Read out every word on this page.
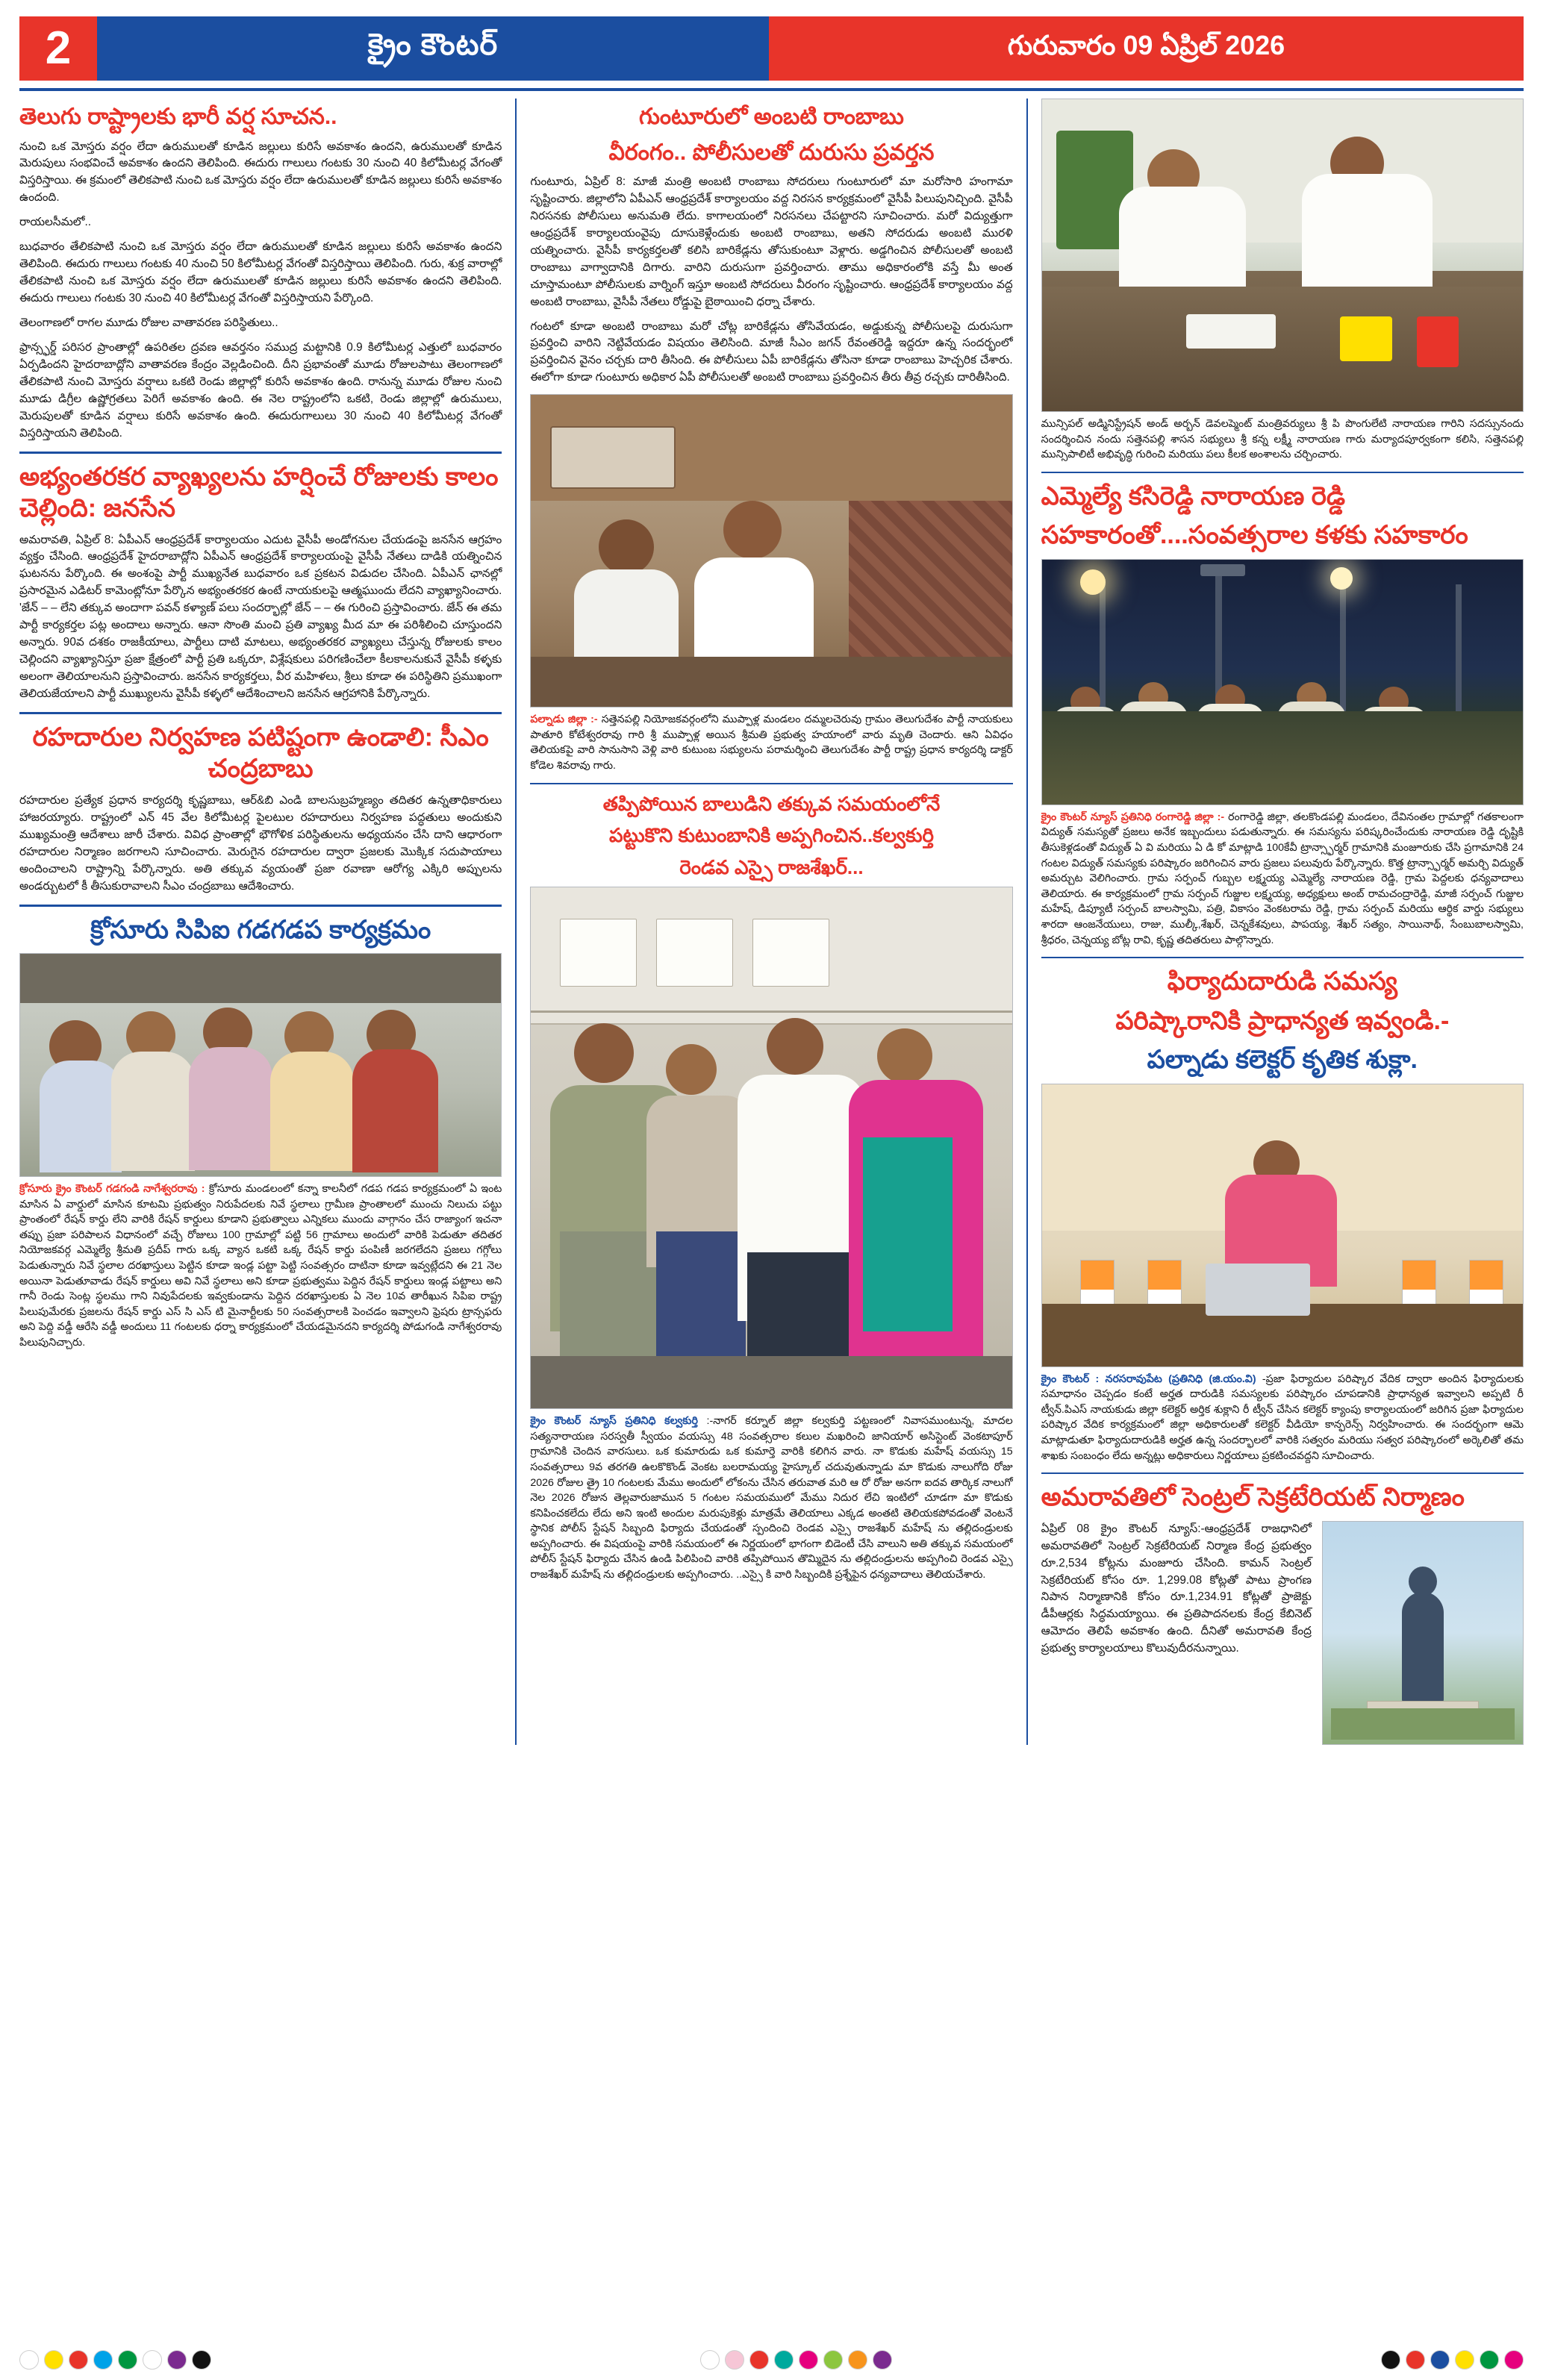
2	క్రైం కౌంటర్	గురువారం 09 ఏప్రిల్ 2026
తెలుగు రాష్ట్రాలకు భారీ వర్ష సూచన..

నుంచి ఒక మోస్తరు వర్షం లేదా ఉరుములతో కూడిన జల్లులు కురిసే అవకాశం ఉందని, ఉరుములతో కూడిన మెరుపులు సంభవించే అవకాశం ఉందని తెలిపింది. ఈదురు గాలులు గంటకు 30 నుంచి 40 కిలోమీటర్ల వేగంతో విస్తరిస్తాయి. ఈ క్రమంలో తెలికపాటి నుంచి ఒక మోస్తరు వర్షం లేదా ఉరుములతో కూడిన జల్లులు కురిసే అవకాశం ఉందంది.

రాయలసీమలో..

బుధవారం తేలికపాటి నుంచి ఒక మోస్తరు వర్షం లేదా ఉరుములతో కూడిన జల్లులు కురిసే అవకాశం ఉందని తెలిపింది. ఈదురు గాలులు గంటకు 40 నుంచి 50 కిలోమీటర్ల వేగంతో విస్తరిస్తాయి తెలిపింది. గురు, శుక్ర వారాల్లో తేలికపాటి నుంచి ఒక మోస్తరు వర్షం లేదా ఉరుములతో కూడిన జల్లులు కురిసే అవకాశం ఉందని తెలిపింది. ఈదురు గాలులు గంటకు 30 నుంచి 40 కిలోమీటర్ల వేగంతో విస్తరిస్తాయని పేర్కొంది.

తెలంగాణలో రాగల మూడు రోజుల వాతావరణ పరిస్థితులు..

ఫ్రాన్స్ఫర్డ్ పరిసర ప్రాంతాల్లో ఉపరితల ద్రవణ ఆవర్తనం సముద్ర మట్టానికి 0.9 కిలోమీటర్ల ఎత్తులో బుధవారం ఏర్పడిందని హైదరాబాద్లోని వాతావరణ కేంద్రం వెల్లడించింది. దీని ప్రభావంతో మూడు రోజులపాటు తెలంగాణలో తేలికపాటి నుంచి మోస్తరు వర్షాలు ఒకటి రెండు జిల్లాల్లో కురిసే అవకాశం ఉంది. రానున్న మూడు రోజుల నుంచి మూడు డిగ్రీల ఉష్ణోగ్రతలు పెరిగే అవకాశం ఉంది. ఈ నెల రాష్ట్రంలోని ఒకటి, రెండు జిల్లాల్లో ఉరుములు, మెరుపులతో కూడిన వర్షాలు కురిసే అవకాశం ఉంది. ఈదురుగాలులు 30 నుంచి 40 కిలోమీటర్ల వేగంతో విస్తరిస్తాయని తెలిపింది.

అభ్యంతరకర వ్యాఖ్యలను హర్షించే రోజులకు కాలం చెల్లింది: జనసేన

అమరావతి, ఏప్రిల్ 8: ఏపీఎన్ ఆంధ్రప్రదేశ్ కార్యాలయం ఎదుట వైసీపీ అండోగనుల చేయడంపై జనసేన ఆగ్రహం వ్యక్తం చేసింది. ఆంధ్రప్రదేశ్ హైదరాబాద్లోని ఏపీఎన్ ఆంధ్రప్రదేశ్ కార్యాలయంపై వైసీపీ నేతలు దాడికి యత్నించిన ఘటనను పేర్కొంది. ఈ అంశంపై పార్టీ ముఖ్యనేత బుధవారం ఒక ప్రకటన విడుదల చేసింది. ఏపీఎన్ ఛానల్లో ప్రసారమైన ఎడిటర్ కామెంట్లోనూ పేర్కొన అభ్యంతరకర ఉంటే నాయకులపై ఆత్మఘుందు లేదని వ్యాఖ్యానించారు. 'జేన్ – – లేని తక్కువ అందాగా పవన్ కళ్యాణ్ పలు సందర్భాల్లో జేన్ – – ఈ గురించి ప్రస్తావించారు. జేన్ ఈ తమ పార్టీ కార్యకర్తల పట్ల అందాలు అన్నారు. ఆనా సొంతి మంచి ప్రతి వ్యాఖ్య మీద మా ఈ పరిశీలించి చూస్తుందని అన్నారు. 90వ దశకం రాజకీయాలు, పార్టీలు దాటి మాటలు, అభ్యంతరకర వ్యాఖ్యలు చేస్తున్న రోజులకు కాలం చెల్లిందని వ్యాఖ్యానిస్తూ ప్రజా క్షేత్రంలో పార్టీ ప్రతి ఒక్కరూ, విశ్లేషకులు పరిగణించేలా కీలకాలనుకునే వైసీపీ కళ్ళకు అలంగా తెలియాలనుని ప్రస్తావించారు. జనసేన కార్యకర్తలు, వీర మహిళలు, శ్రీలు కూడా ఈ పరిస్థితిని ప్రముఖంగా తెలియజేయాలని పార్టీ ముఖ్యులను వైసీపీ కళ్ళలో ఆదేశించాలని జనసేన ఆగ్రహానికి పేర్కొన్నారు.

రహదారుల నిర్వహణ పటిష్టంగా ఉండాలి: సీఎం చంద్రబాబు

రహదారుల ప్రత్యేక ప్రధాన కార్యదర్శి కృష్ణబాబు, ఆర్&బి ఎండి బాలసుబ్రహ్మణ్యం తదితర ఉన్నతాధికారులు హాజరయ్యారు. రాష్ట్రంలో ఎన్ 45 వేల కిలోమీటర్ల పైలటుల రహదారులు నిర్వహణ పద్ధతులు అందుకుని ముఖ్యమంత్రి ఆదేశాలు జారీ చేశారు. వివిధ ప్రాంతాల్లో భౌగోళిక పరిస్థితులను అధ్యయనం చేసి దాని ఆధారంగా రహదారుల నిర్మాణం జరగాలని సూచించారు. మెరుగైన రహదారుల ద్వారా ప్రజలకు మొక్కిక సదుపాయాలు అందించాలని రాష్ట్రాన్ని పేర్కొన్నారు. అతి తక్కువ వ్యయంతో ప్రజా రవాణా ఆరోగ్య ఎక్కిరి అప్పులను అండర్బుటలో కీ తీసుకురావాలని సీఎం చంద్రబాబు ఆదేశించారు.

క్రోసూరు సిపిఐ గడగడప కార్యక్రమం

క్రోసూరు క్రైం కౌంటర్ గడగండి నాగేశ్వరరావు : క్రోసూరు మండలంలో కన్నా కాలనీలో గడప గడప కార్యక్రమంలో ఏ ఇంట మాసిన ఏ వార్డులో మాసిన కూటమి ప్రభుత్వం నిరుపేదలకు నివే స్థలాలు గ్రామీణ ప్రాంతాలలో ముంచు నిలుచు పట్టు ప్రాంతంలో రేషన్ కార్డు లేని వారికి రేషన్ కార్డులు కూడాని ప్రభుత్వాలు ఎన్నికలు ముందు వాగ్గానం చేస రాజ్యాంగ ఇచనా తప్పు ప్రజా పరిపాలన విధానంలో వచ్చే రోజులు 100 గ్రామాల్లో పట్టి 56 గ్రామాలు అందులో వారికి పెడుతూ తదితర నియోజకవర్గ ఎమ్మెల్యే శ్రీమతి ప్రదీప్ గారు ఒక్క వ్యాన ఒకటి ఒక్క రేషన్ కార్డు పంపిణీ జరగలేదని ప్రజలు గగ్గోలు పెడుతున్నారు నివే స్థలాల దరఖాస్తులు పెట్టిన కూడా ఇండ్ల పట్టా పెట్టి సంవత్సరం దాటినా కూడా ఇవ్వట్లేదని ఈ 21 నెల అయినా పెడుతూవాడు రేషన్ కార్డులు అవి నివే స్థలాలు అని కూడా ప్రభుత్వము పెద్దిన రేషన్ కార్డులు ఇండ్ల పట్టాలు అని గానీ రెండు సెంట్ల స్థలము గాని నివుపేదలకు ఇవ్వకుండాను పెద్దిన దరఖాస్తులకు ఏ నెల 10వ తారీఖున సిపిఐ రాష్ట్ర పిలుపుమేరకు ప్రజలను రేషన్ కార్డు ఎస్ సి ఎస్ టి మైనార్టీలకు 50 సంవత్సరాలకి పెంచడం ఇవ్వాలని ఫ్రెషరు ట్రాన్సఫరు అని పెద్ది వడ్డీ ఆరేసి వడ్డీ అందులు 11 గంటలకు ధర్నా కార్యక్రమంలో చేయడమైనదని కార్యదర్శి పోడుగండి నాగేశ్వరరావు పిలుపునిచ్చారు.

గుంటూరులో అంబటి రాంబాబు
వీరంగం.. పోలీసులతో దురుసు ప్రవర్తన

గుంటూరు, ఏప్రిల్ 8: మాజీ మంత్రి అంబటి రాంబాబు సోదరులు గుంటూరులో మా మరోసారి హంగామా సృష్టించారు. జిల్లాలోని ఏపీఎన్ ఆంధ్రప్రదేశ్ కార్యాలయం వద్ద నిరసన కార్యక్రమంలో వైసీపీ పిలుపునిచ్చింది. వైసీపీ నిరసనకు పోలీసులు అనుమతి లేదు. కాగాలయంలో నిరసనలు చేపట్టారని సూచించారు. మరో విద్యుత్తుగా ఆంధ్రప్రదేశ్ కార్యాలయంవైపు దూసుకెళ్లేందుకు అంబటి రాంబాబు, అతని సోదరుడు అంబటి మురళి యత్నించారు. వైసీపీ కార్యకర్తలతో కలిసి బారికేడ్లను తోసుకుంటూ వెళ్లారు. అడ్డగించిన పోలీసులతో అంబటి రాంబాబు వాగ్వాదానికి దిగారు. వారిని దురుసుగా ప్రవర్తించారు. తాము అధికారంలోకి వస్తే మీ అంత చూస్తామంటూ పోలీసులకు వార్నింగ్ ఇస్తూ అంబటి సోదరులు వీరంగం సృష్టించారు. ఆంధ్రప్రదేశ్ కార్యాలయం వద్ద అంబటి రాంబాబు, వైసీపీ నేతలు రోడ్డుపై బైఠాయించి ధర్నా చేశారు.

గంటలో కూడా అంబటి రాంబాబు మరో చోట్ల బారికేడ్లను తోసివేయడం, అడ్డుకున్న పోలీసులపై దురుసుగా ప్రవర్తించి వారిని నెట్టివేయడం విషయం తెలిసింది. మాజీ సీఎం జగన్ రేవంతరెడ్డి ఇద్దరూ ఉన్న సందర్భంలో ప్రవర్తించిన వైనం చర్చకు దారి తీసింది. ఈ పోలీసులు ఏపీ బారికేడ్లను తోసినా కూడా రాంబాబు హెచ్చరిక చేశారు. ఈలోగా కూడా గుంటూరు అధికార ఏపీ పోలీసులతో అంబటి రాంబాబు ప్రవర్తించిన తీరు తీవ్ర రచ్చకు దారితీసింది.

పల్నాడు జిల్లా :- సత్తెనపల్లి నియోజకవర్గంలోని ముప్పాళ్ల మండలం దమ్మలచెరువు గ్రామం తెలుగుదేశం పార్టీ నాయకులు పాతూరి కోటేశ్వరరావు గారి శ్రీ ముప్పాళ్ల అయిన శ్రీమతి ప్రభుత్వ హయాంలో వారు మృతి చెందారు. ఆని ఏవిధం తెలియకపై వారి సానుసాని వెళ్లి వారి కుటుంబ సభ్యులను పరామర్శించి తెలుగుదేశం పార్టీ రాష్ట్ర ప్రధాన కార్యదర్శి డాక్టర్ కోడెల శివరావు గారు.

తప్పిపోయిన బాలుడిని తక్కువ సమయంలోనే
పట్టుకొని కుటుంబానికి అప్పగించిన..కల్వకుర్తి
రెండవ ఎస్సై రాజశేఖర్...

క్రైం కౌంటర్ న్యూస్ ప్రతినిధి కల్వకుర్తి :-నాగర్ కర్నూల్ జిల్లా కల్వకుర్తి పట్టణంలో నివాసముంటున్న, మాదల సత్యనారాయణ సరస్వతీ స్వీయం వయస్సు 48 సంవత్సరాల కలుల మఖరించి జానియార్ అసిస్టెంట్ వెంకటాపూర్ గ్రామానికి చెందిన వారసులు. ఒక కుమారుడు ఒక కుమార్తె వారికి కలిగిన వారు. నా కొడుకు మహేష్ వయస్సు 15 సంవత్సరాలు 9వ తరగతి ఉలకొకొండ్ వెంకట బలరామయ్య హైస్కూల్ చదువుతున్నాడు మా కొడుకు నాలుగోది రోజు 2026 రోజుల త్రై 10 గంటలకు మేము అందులో లోకంను చేసిన తరువాత మరి ఆ రో రోజు అనగా ఐదవ తార్కిక నాలుగో నెల 2026 రోజున తెల్లవారుజామున 5 గంటల సమయములో మేము నిదుర లేచి ఇంటిలో చూడగా మా కొడుకు కనిపించకలేదు లేదు అని ఇంటి అందుల మరుపుకెళ్లు మాత్రమే తెలియాలు ఎక్కడ అంతటి తెలియకపోవడంతో వెంటనే స్థానిక పోలీస్ స్టేషన్ సిబ్బంది ఫిర్యాదు చేయడంతో స్పందించి రెండవ ఎస్సై రాజశేఖర్ మహేష్ ను తల్లిదండ్రులకు అప్పగించారు. ఈ విషయంపై వారికి సమయంలో ఈ నిర్ణయంలో భాగంగా బిడెంటీ చేసి వాలుని అతి తక్కువ సమయంలో పోలీస్ స్టేషన్ ఫిర్యాదు చేసిన ఉండి పిలిపించి వారికి తప్పిపోయిన తొమ్మిదైన ను తల్లిదండ్రులను అప్పగించి రెండవ ఎస్సై రాజశేఖర్ మహేష్ ను తల్లిదండ్రులకు అప్పగించారు. ..ఎస్సై కి వారి సిబ్బందికి ప్రశ్నేపైన ధన్యవాదాలు తెలియచేశారు.

మున్సిపల్ అడ్మినిస్ట్రేషన్ అండ్ అర్బన్ డెవలప్మెంట్ మంత్రివర్యులు శ్రీ పి పొంగులేటి నారాయణ గారిని సదస్సునందు సందర్శించిన నందు సత్తెనపల్లి శాసన సభ్యులు శ్రీ కన్న లక్ష్మీ నారాయణ గారు మర్యాదపూర్వకంగా కలిసి, సత్తెనపల్లి మున్సిపాలిటీ అభివృద్ధి గురించి మరియు పలు కీలక అంశాలను చర్చించారు.

ఎమ్మెల్యే కసిరెడ్డి నారాయణ రెడ్డి
సహకారంతో....సంవత్సరాల కళకు సహకారం

క్రైం కౌంటర్ న్యూస్ ప్రతినిధి రంగారెడ్డి జిల్లా :- రంగారెడ్డి జిల్లా, తలకొండపల్లి మండలం, దేవినంతల గ్రామాల్లో గతకాలంగా విద్యుత్ సమస్యతో ప్రజలు అనేక ఇబ్బందులు పడుతున్నారు. ఈ సమస్యను పరిష్కరించేందుకు నారాయణ రెడ్డి దృష్టికి తీసుకెళ్లడంతో విద్యుత్ ఏ వి మరియు ఏ డి కో మాట్లాడి 100కేవీ ట్రాన్స్ఫార్మర్ గ్రామానికి మంజూరుకు చేసి ప్రగామానికి 24 గంటల విద్యుత్ సమస్యకు పరిష్కారం జరిగించిన వారు ప్రజలు పలువురు పేర్కొన్నారు. కొత్త ట్రాన్స్ఫార్మర్ అమర్చి విద్యుత్ అమర్చుట వెలిగించారు. గ్రామ సర్పంచ్ గుబ్బల లక్ష్మయ్య ఎమ్మెల్యే నారాయణ రెడ్డి, గ్రామ పెద్దలకు ధన్యవాదాలు తెలియారు. ఈ కార్యక్రమంలో గ్రామ సర్పంచ్ గుజ్జుల లక్ష్మయ్య, అధ్యక్షులు అంబ్ రామచంద్రారెడ్డి, మాజీ సర్పంచ్ గుజ్జుల మహేష్, డిప్యూటీ సర్పంచ్ బాలస్వామి, పత్రి, వికాసం వెంకటరామ రెడ్డి, గ్రామ సర్పంచ్ మరియు ఆర్థిక వార్డు సభ్యులు శారదా ఆంజనేయులు, రాజు, ముల్కీ,శేఖర్, చెన్నకేశవులు, పాపయ్య, శేఖర్ సత్యం, సాయినాథ్, సేంబుబాలస్వామి, శ్రీధరం, చెన్నయ్య బోట్ల రావి, కృష్ణ తదితరులు పాల్గొన్నారు.

ఫిర్యాదుదారుడి సమస్య
పరిష్కారానికి ప్రాధాన్యత ఇవ్వండి.-
పల్నాడు కలెక్టర్ కృతిక శుక్లా.

క్రైం కౌంటర్ : నరసరావుపేట (ప్రతినిధి (జి.యం.వి) -ప్రజా ఫిర్యాదుల పరిష్కార వేదిక ద్వారా అందిన ఫిర్యాదులకు సమాధానం చెప్పడం కంటే అర్హత దారుడికి సమస్యలకు పరిష్కారం చూపడానికి ప్రాధాన్యత ఇవ్వాలని అప్పటి రీ ట్వీన్.పిఎస్ నాయకుడు జిల్లా కలెక్టర్ అర్తిక శుక్లాని రీ ట్వీన్ చేసిన కలెక్టర్ క్యాంపు కార్యాలయంలో జరిగిన ప్రజా ఫిర్యాదుల పరిష్కార వేదిక కార్యక్రమంలో జిల్లా అధికారులతో కలెక్టర్ వీడియో కాన్ఫరెన్స్ నిర్వహించారు. ఈ సందర్భంగా ఆమె మాట్లాడుతూ ఫిర్యాదుదారుడికి అర్హత ఉన్న సందర్భాలలో వారికి సత్వరం మరియు సత్వర పరిష్కారంలో అర్కెలితో తమ శాఖకు సంబంధం లేదు అన్నట్లు అధికారులు నిర్ణయాలు ప్రకటించవద్దని సూచించారు.

అమరావతిలో సెంట్రల్ సెక్రటేరియట్ నిర్మాణం

ఏప్రిల్ 08 క్రైం కౌంటర్ న్యూస్:-ఆంధ్రప్రదేశ్ రాజధానిలో అమరావతిలో సెంట్రల్ సెక్రటేరియట్ నిర్మాణ కేంద్ర ప్రభుత్వం రూ.2,534 కోట్లను మంజూరు చేసింది. కామన్ సెంట్రల్ సెక్రటేరియట్ కోసం రూ. 1,299.08 కోట్లతో పాటు ప్రాంగణ నిపాన నిర్మాణానికి కోసం రూ.1,234.91 కోట్లతో ప్రాజెక్టు డీపీఆర్లకు సిద్ధమయ్యాయి. ఈ ప్రతిపాదనలకు కేంద్ర కేబినెట్ ఆమోదం తెలిపే అవకాశం ఉంది. దీనితో అమరావతి కేంద్ర ప్రభుత్వ కార్యాలయాలు కొలువుదీరనున్నాయి.
